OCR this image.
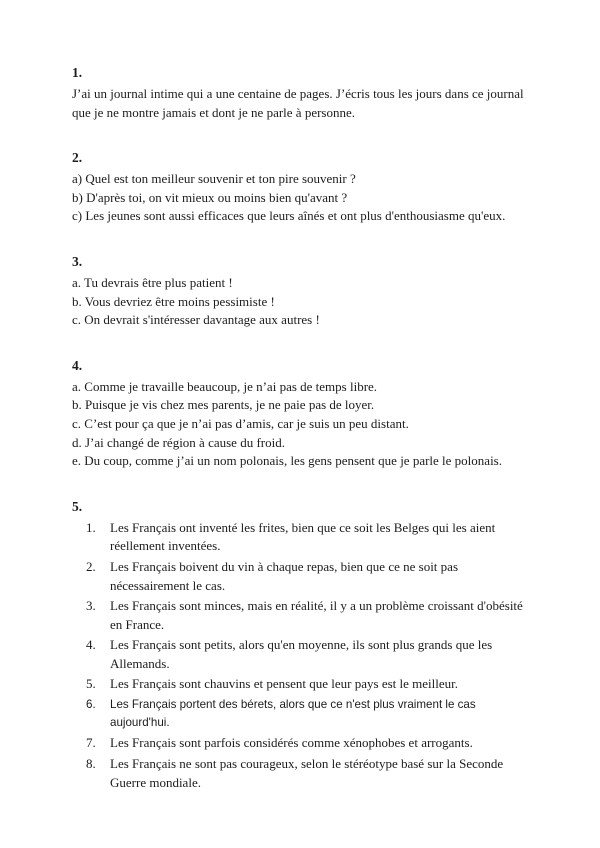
1.

J’ai un journal intime qui a une centaine de pages. J’écris tous les jours dans ce journal que je ne montre jamais et dont je ne parle à personne.

2.

a) Quel est ton meilleur souvenir et ton pire souvenir ?

b) D'après toi, on vit mieux ou moins bien qu'avant ?

c) Les jeunes sont aussi efficaces que leurs aînés et ont plus d'enthousiasme qu'eux.

3.

a. Tu devrais être plus patient !

b. Vous devriez être moins pessimiste !

c. On devrait s'intéresser davantage aux autres !

4.

a. Comme je travaille beaucoup, je n’ai pas de temps libre.

b. Puisque je vis chez mes parents, je ne paie pas de loyer.

c. C’est pour ça que je n’ai pas d’amis, car je suis un peu distant.

d. J’ai changé de région à cause du froid.

e. Du coup, comme j’ai un nom polonais, les gens pensent que je parle le polonais.

5.
1.	Les Français ont inventé les frites, bien que ce soit les Belges qui les aient réellement inventées.
2.	Les Français boivent du vin à chaque repas, bien que ce ne soit pas nécessairement le cas.
3.	Les Français sont minces, mais en réalité, il y a un problème croissant d'obésité en France.
4.	Les Français sont petits, alors qu'en moyenne, ils sont plus grands que les Allemands.
5.	Les Français sont chauvins et pensent que leur pays est le meilleur.
6.	Les Français portent des bérets, alors que ce n'est plus vraiment le cas aujourd'hui.
7.	Les Français sont parfois considérés comme xénophobes et arrogants.
8.	Les Français ne sont pas courageux, selon le stéréotype basé sur la Seconde Guerre mondiale.
